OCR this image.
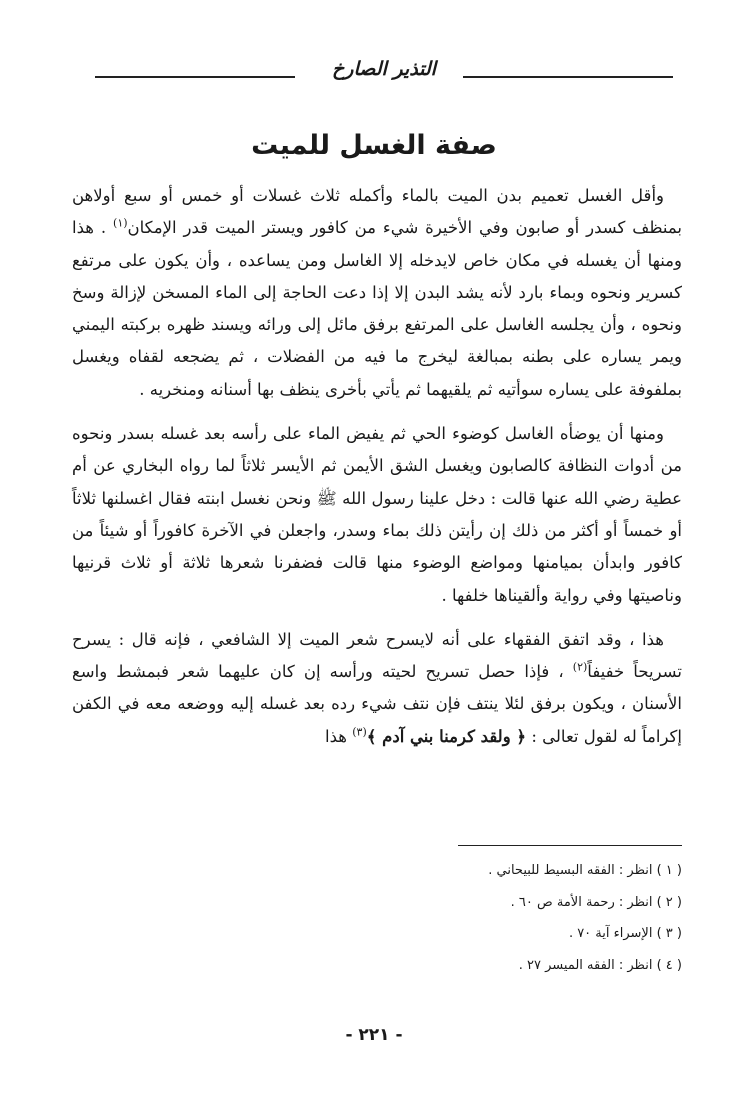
التذير الصارخ
صفة الغسل للميت

وأقل الغسل تعميم بدن الميت بالماء وأكمله ثلاث غسلات أو خمس أو سبع أولاهن بمنظف كسدر أو صابون وفي الأخيرة شيء من كافور ويستر الميت قدر الإمكان$^{(١)}$ . هذا ومنها أن يغسله في مكان خاص لايدخله إلا الغاسل ومن يساعده ، وأن يكون على مرتفع كسرير ونحوه وبماء بارد لأنه يشد البدن إلا إذا دعت الحاجة إلى الماء المسخن لإزالة وسخ ونحوه ، وأن يجلسه الغاسل على المرتفع برفق مائل إلى ورائه ويسند ظهره بركبته اليمني ويمر يساره على بطنه بمبالغة ليخرج ما فيه من الفضلات ، ثم يضجعه لقفاه ويغسل بملفوفة على يساره سوأتيه ثم يلقيهما ثم يأتي بأخرى ينظف بها أسنانه ومنخريه .

ومنها أن يوضأه الغاسل كوضوء الحي ثم يفيض الماء على رأسه بعد غسله بسدر ونحوه من أدوات النظافة كالصابون ويغسل الشق الأيمن ثم الأيسر ثلاثاً لما رواه البخاري عن أم عطية رضي الله عنها قالت : دخل علينا رسول الله ﷺ ونحن نغسل ابنته فقال اغسلنها ثلاثاً أو خمساً أو أكثر من ذلك إن رأيتن ذلك بماء وسدر، واجعلن في الآخرة كافوراً أو شيئاً من كافور وابدأن بميامنها ومواضع الوضوء منها قالت فضفرنا شعرها ثلاثة أو ثلاث قرنيها وناصيتها وفي رواية وألقيناها خلفها .

هذا ، وقد اتفق الفقهاء على أنه لايسرح شعر الميت إلا الشافعي ، فإنه قال : يسرح تسريحاً خفيفاً$^{(٢)}$ ، فإذا حصل تسريح لحيته ورأسه إن كان عليهما شعر فبمشط واسع الأسنان ، ويكون برفق لئلا ينتف فإن نتف شيء رده بعد غسله إليه ووضعه معه في الكفن إكراماً له لقول تعالى : ﴿ ولقد كرمنا بني آدم ﴾$^{(٣)}$ هذا

( ١ ) انظر : الفقه البسيط للبيحاني .
( ٢ ) انظر : رحمة الأمة ص ٦٠ .
( ٣ ) الإسراء آية ٧٠ .
( ٤ ) انظر : الفقه الميسر ٢٧ .
- ٢٢١ -
